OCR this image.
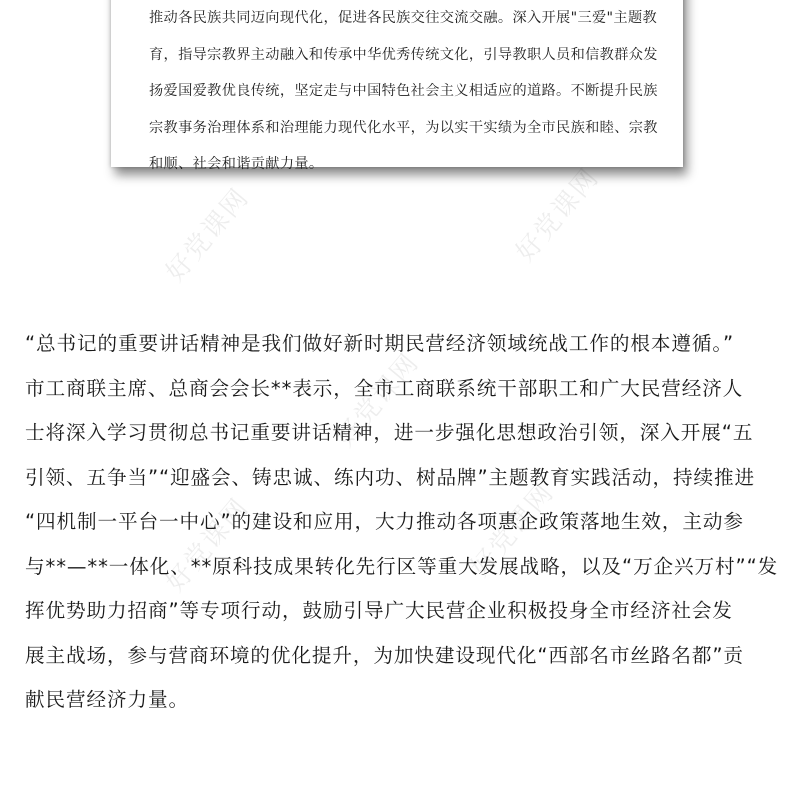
推动各民族共同迈向现代化，促进各民族交往交流交融。深入开展"三爱"主题教
育，指导宗教界主动融入和传承中华优秀传统文化，引导教职人员和信教群众发
扬爱国爱教优良传统，坚定走与中国特色社会主义相适应的道路。不断提升民族
宗教事务治理体系和治理能力现代化水平，为以实干实绩为全市民族和睦、宗教
和顺、社会和谐贡献力量。
“总书记的重要讲话精神是我们做好新时期民营经济领域统战工作的根本遵循。”
市工商联主席、总商会会长**表示，全市工商联系统干部职工和广大民营经济人
士将深入学习贯彻总书记重要讲话精神，进一步强化思想政治引领，深入开展“五
引领、五争当”“迎盛会、铸忠诚、练内功、树品牌”主题教育实践活动，持续推进
“四机制一平台一中心”的建设和应用，大力推动各项惠企政策落地生效，主动参
与**—**一体化、**原科技成果转化先行区等重大发展战略，以及“万企兴万村”“发
挥优势助力招商”等专项行动，鼓励引导广大民营企业积极投身全市经济社会发
展主战场，参与营商环境的优化提升，为加快建设现代化“西部名市丝路名都”贡
献民营经济力量。
好党课网	好党课网
好党课网
好党课网	好党课网
